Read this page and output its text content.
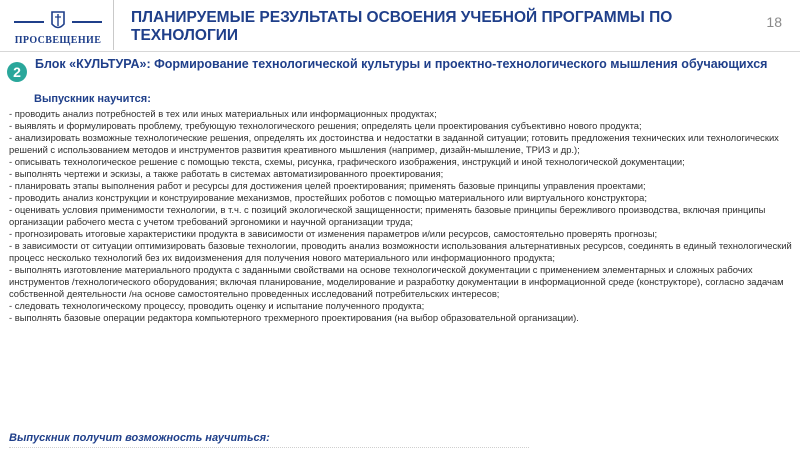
ПРОСВЕЩЕНИЕ
ПЛАНИРУЕМЫЕ РЕЗУЛЬТАТЫ ОСВОЕНИЯ УЧЕБНОЙ ПРОГРАММЫ ПО ТЕХНОЛОГИИ
18
2	Блок «КУЛЬТУРА»: Формирование технологической культуры и проектно-технологического мышления обучающихся
Выпускник научится:

- проводить анализ потребностей в тех или иных материальных или информационных продуктах;

- выявлять и формулировать проблему, требующую технологического решения; определять цели проектирования субъективно нового продукта;

- анализировать возможные технологические решения, определять их достоинства и недостатки в заданной ситуации; готовить предложения технических или технологических решений с использованием методов и инструментов развития креативного мышления (например, дизайн-мышление, ТРИЗ и др.);

- описывать технологическое решение с помощью текста, схемы, рисунка, графического изображения, инструкций и иной технологической документации;

- выполнять чертежи и эскизы, а также работать в системах автоматизированного проектирования;

- планировать этапы выполнения работ и ресурсы для достижения целей проектирования; применять базовые принципы управления проектами;

- проводить анализ конструкции и конструирование механизмов, простейших роботов с помощью материального или виртуального конструктора;

- оценивать условия применимости технологии, в т.ч. с позиций экологической защищенности; применять базовые принципы бережливого производства, включая принципы организации рабочего места с учетом требований эргономики и научной организации труда;

- прогнозировать итоговые характеристики продукта в зависимости от изменения параметров и/или ресурсов, самостоятельно проверять прогнозы;

- в зависимости от ситуации оптимизировать базовые технологии, проводить анализ возможности использования альтернативных ресурсов, соединять в единый технологический процесс несколько технологий без их видоизменения для получения нового материального или информационного продукта;

- выполнять изготовление материального продукта с заданными свойствами на основе технологической документации с применением элементарных и сложных рабочих инструментов /технологического оборудования; включая планирование, моделирование и разработку документации в информационной среде (конструкторе), согласно задачам собственной деятельности /на основе самостоятельно проведенных исследований потребительских интересов;

- следовать технологическому процессу, проводить оценку и испытание полученного продукта;

- выполнять базовые операции редактора компьютерного трехмерного проектирования (на выбор образовательной организации).

Выпускник получит возможность научиться:
